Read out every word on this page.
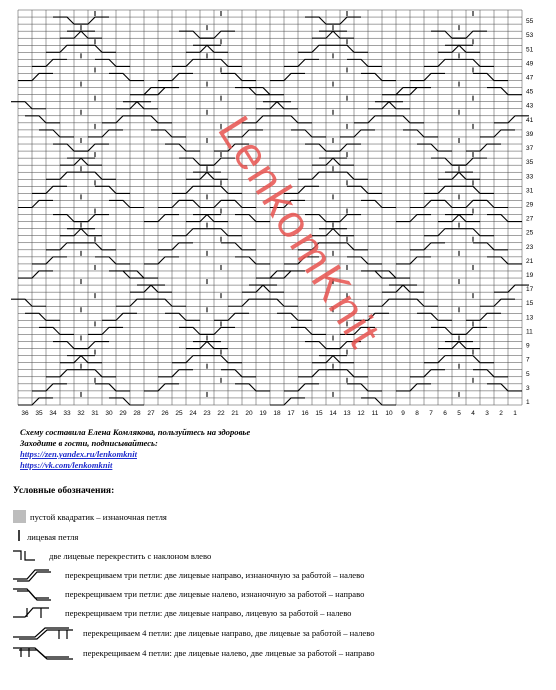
36 35 34 33 32 31 30 29 28 27 26 25 24 23 22 21 20 19 18 17 16 15 14 13 12 11 10 9 8 7 6 5 4 3 2 1
55
53
51
49
47
45
43
41
39
37
35
33
31
29
27
25
23
21
19
17
15
13
11
9
7
5
3
1
LenkomKnit
Схему составила Елена Комлякова, пользуйтесь на здоровье
Заходите в гости, подписывайтесь:
https://zen.yandex.ru/lenkomknit
https://vk.com/lenkomknit
Условные обозначения:
пустой квадратик – изнаночная петля
лицевая петля
две лицевые перекрестить с наклоном влево
перекрещиваем три петли: две лицевые направо, изнаночную за работой – налево
перекрещиваем три петли: две лицевые налево, изнаночную за работой – направо
перекрещиваем три петли: две лицевые направо, лицевую за работой – налево
перекрещиваем 4 петли: две лицевые направо, две лицевые за работой – налево
перекрещиваем 4 петли: две лицевые налево, две лицевые за работой – направо
